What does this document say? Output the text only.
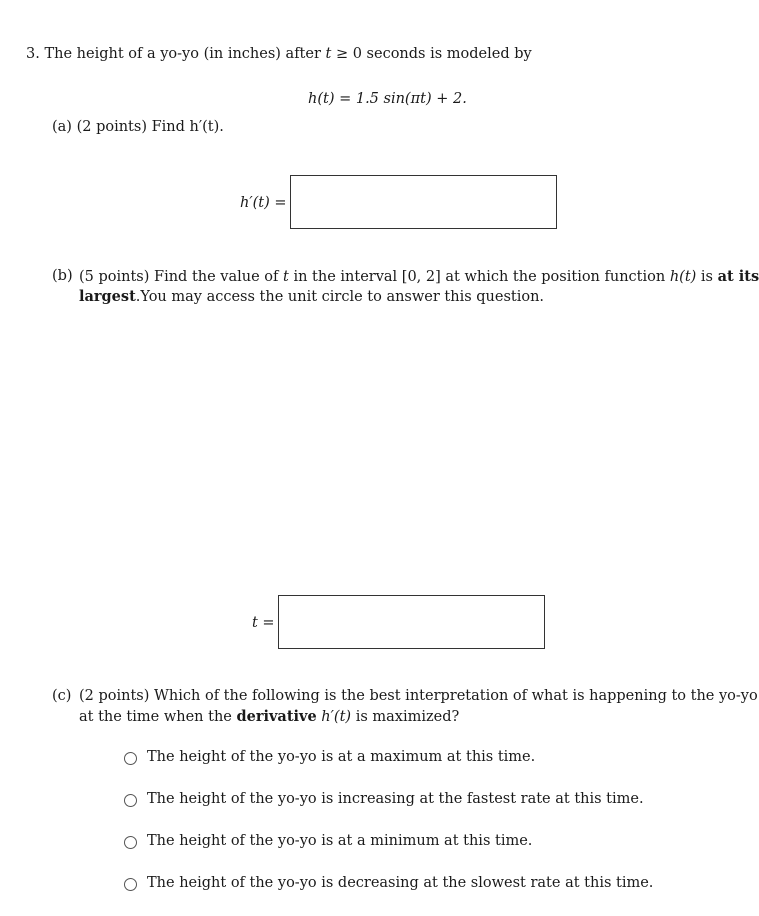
3. The height of a yo-yo (in inches) after t ≥ 0 seconds is modeled by
h(t) = 1.5 sin(πt) + 2.
(a) (2 points) Find h′(t).
h′(t) =
(b) (5 points) Find the value of t in the interval [0, 2] at which the position function h(t) is at its
largest.You may access the unit circle to answer this question.
t =
(c) (2 points) Which of the following is the best interpretation of what is happening to the yo-yo
at the time when the derivative h′(t) is maximized?
The height of the yo-yo is at a maximum at this time.
The height of the yo-yo is increasing at the fastest rate at this time.
The height of the yo-yo is at a minimum at this time.
The height of the yo-yo is decreasing at the slowest rate at this time.
